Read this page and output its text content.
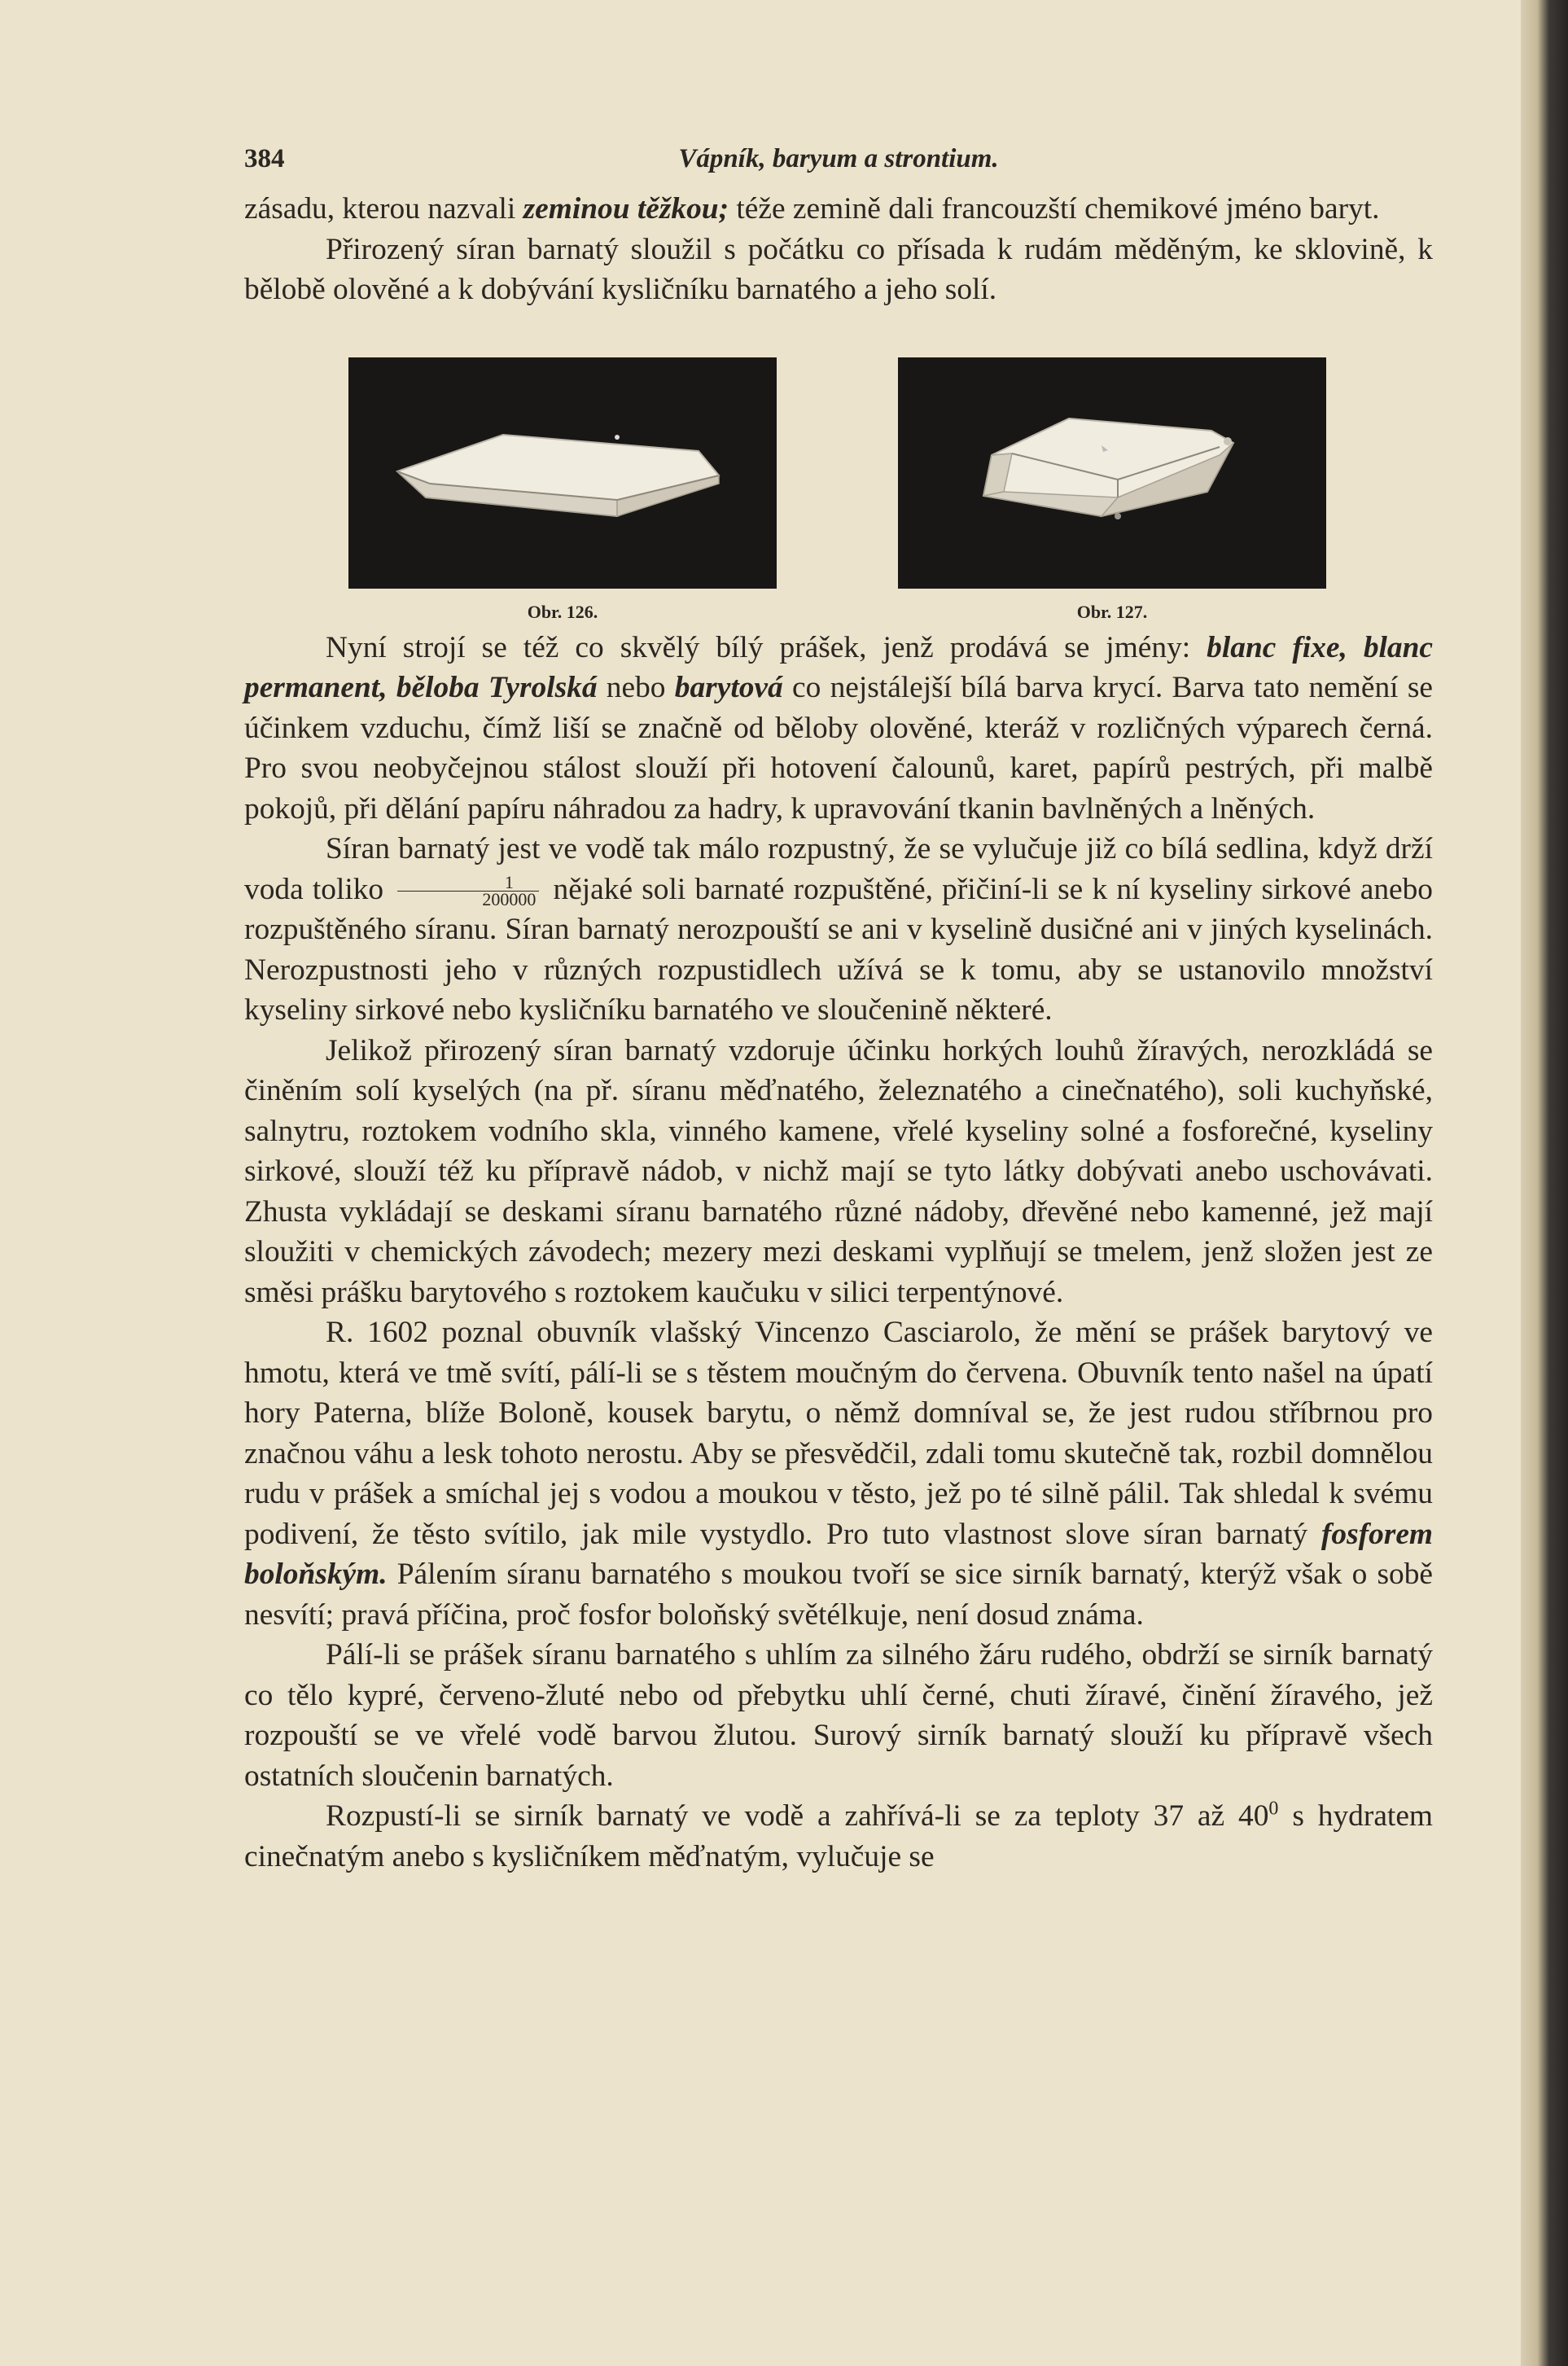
384	Vápník, baryum a strontium.

zásadu, kterou nazvali zeminou těžkou; téže zemině dali francouzští chemikové jméno baryt.

Přirozený síran barnatý sloužil s počátku co přísada k rudám měděným, ke sklovině, k bělobě olověné a k dobývání kysličníku barnatého a jeho solí.

Obr. 126.	Obr. 127.

Nyní strojí se též co skvělý bílý prášek, jenž prodává se jmény: blanc fixe, blanc permanent, běloba Tyrolská nebo barytová co nejstálejší bílá barva krycí. Barva tato nemění se účinkem vzduchu, čímž liší se značně od běloby olověné, kteráž v rozličných výparech černá. Pro svou neobyčejnou stálost slouží při hotovení čalounů, karet, papírů pestrých, při malbě pokojů, při dělání papíru náhradou za hadry, k upravování tkanin bavlněných a lněných.

Síran barnatý jest ve vodě tak málo rozpustný, že se vylučuje již co bílá sedlina, když drží voda toliko $\frac{1}{200000}$ nějaké soli barnaté rozpuštěné, přičiní-li se k ní kyseliny sirkové anebo rozpuštěného síranu. Síran barnatý nerozpouští se ani v kyselině dusičné ani v jiných kyselinách. Nerozpustnosti jeho v různých rozpustidlech užívá se k tomu, aby se ustanovilo množství kyseliny sirkové nebo kysličníku barnatého ve sloučenině některé.

Jelikož přirozený síran barnatý vzdoruje účinku horkých louhů žíravých, nerozkládá se činěním solí kyselých (na př. síranu měďnatého, železnatého a cinečnatého), soli kuchyňské, salnytru, roztokem vodního skla, vinného kamene, vřelé kyseliny solné a fosforečné, kyseliny sirkové, slouží též ku přípravě nádob, v nichž mají se tyto látky dobývati anebo uschovávati. Zhusta vykládají se deskami síranu barnatého různé nádoby, dřevěné nebo kamenné, jež mají sloužiti v chemických závodech; mezery mezi deskami vyplňují se tmelem, jenž složen jest ze směsi prášku barytového s roztokem kaučuku v silici terpentýnové.

R. 1602 poznal obuvník vlašský Vincenzo Casciarolo, že mění se prášek barytový ve hmotu, která ve tmě svítí, pálí-li se s těstem moučným do červena. Obuvník tento našel na úpatí hory Paterna, blíže Boloně, kousek barytu, o němž domníval se, že jest rudou stříbrnou pro značnou váhu a lesk tohoto nerostu. Aby se přesvědčil, zdali tomu skutečně tak, rozbil domnělou rudu v prášek a smíchal jej s vodou a moukou v těsto, jež po té silně pálil. Tak shledal k svému podivení, že těsto svítilo, jak mile vystydlo. Pro tuto vlastnost slove síran barnatý fosforem boloňským. Pálením síranu barnatého s moukou tvoří se sice sirník barnatý, kterýž však o sobě nesvítí; pravá příčina, proč fosfor boloňský světélkuje, není dosud známa.

Pálí-li se prášek síranu barnatého s uhlím za silného žáru rudého, obdrží se sirník barnatý co tělo kypré, červeno-žluté nebo od přebytku uhlí černé, chuti žíravé, činění žíravého, jež rozpouští se ve vřelé vodě barvou žlutou. Surový sirník barnatý slouží ku přípravě všech ostatních sloučenin barnatých.

Rozpustí-li se sirník barnatý ve vodě a zahřívá-li se za teploty 37 až $40^0$ s hydratem cinečnatým anebo s kysličníkem měďnatým, vylučuje se
